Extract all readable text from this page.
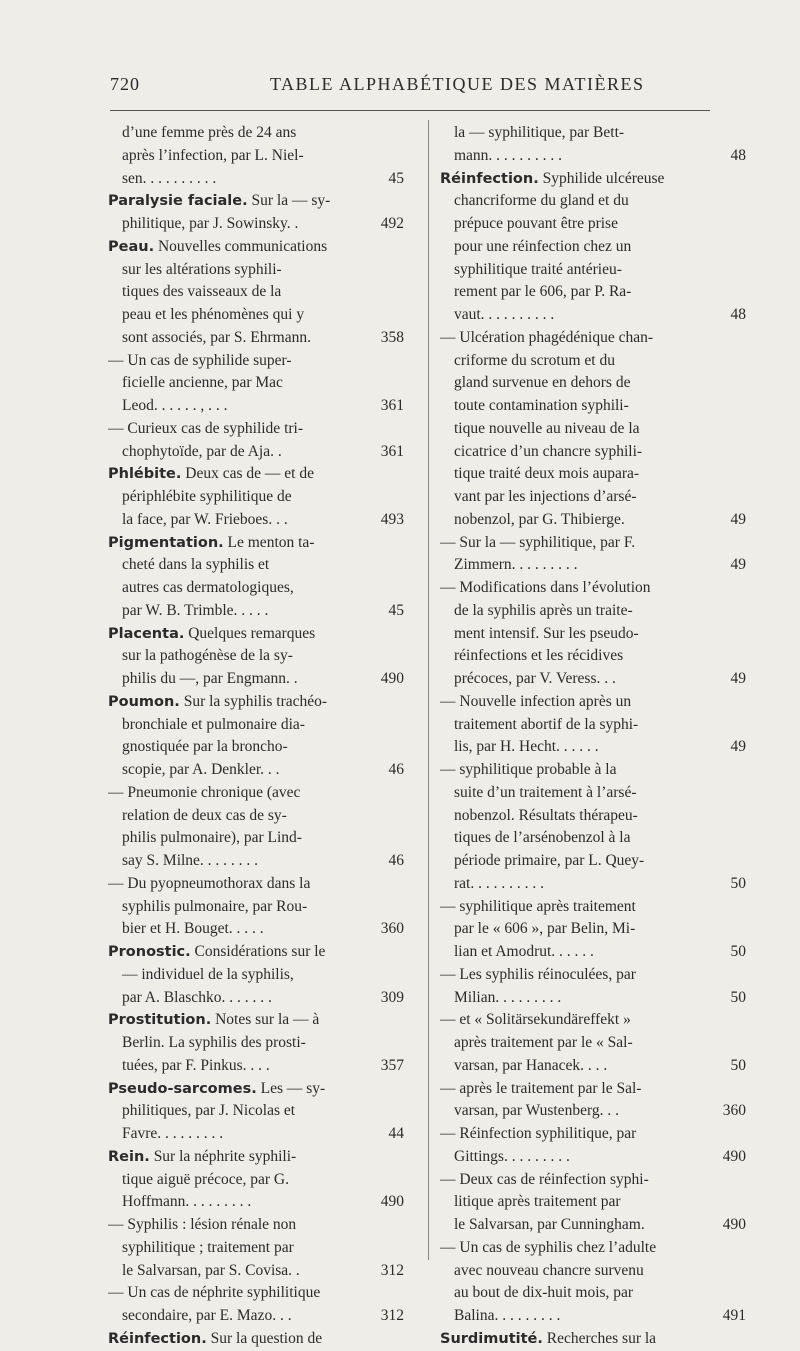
720	TABLE ALPHABÉTIQUE DES MATIÈRES
d’une femme près de 24 ans
après l’infection, par L. Niel-
sen. . . . . . . . . .	45
Paralysie faciale. Sur la — sy-
philitique, par J. Sowinsky. .	492
Peau. Nouvelles communications
sur les altérations syphili-
tiques des vaisseaux de la
peau et les phénomènes qui y
sont associés, par S. Ehrmann.	358
— Un cas de syphilide super-
ficielle ancienne, par Mac
Leod. . . . . . , . . .	361
— Curieux cas de syphilide tri-
chophytoïde, par de Aja. .	361
Phlébite. Deux cas de — et de
périphlébite syphilitique de
la face, par W. Frieboes. . .	493
Pigmentation. Le menton ta-
cheté dans la syphilis et
autres cas dermatologiques,
par W. B. Trimble. . . . .	45
Placenta. Quelques remarques
sur la pathogénèse de la sy-
philis du —, par Engmann. .	490
Poumon. Sur la syphilis trachéo-
bronchiale et pulmonaire dia-
gnostiquée par la broncho-
scopie, par A. Denkler. . .	46
— Pneumonie chronique (avec
relation de deux cas de sy-
philis pulmonaire), par Lind-
say S. Milne. . . . . . . .	46
— Du pyopneumothorax dans la
syphilis pulmonaire, par Rou-
bier et H. Bouget. . . . .	360
Pronostic. Considérations sur le
— individuel de la syphilis,
par A. Blaschko. . . . . . .	309
Prostitution. Notes sur la — à
Berlin. La syphilis des prosti-
tuées, par F. Pinkus. . . .	357
Pseudo-sarcomes. Les — sy-
philitiques, par J. Nicolas et
Favre. . . . . . . . .	44
Rein. Sur la néphrite syphili-
tique aiguë précoce, par G.
Hoffmann. . . . . . . . .	490
— Syphilis : lésion rénale non
syphilitique ; traitement par
le Salvarsan, par S. Covisa. .	312
— Un cas de néphrite syphilitique
secondaire, par E. Mazo. . .	312
Réinfection. Sur la question de
la — syphilitique, par Bett-
mann. . . . . . . . . .	48
Réinfection. Syphilide ulcéreuse
chancriforme du gland et du
prépuce pouvant être prise
pour une réinfection chez un
syphilitique traité antérieu-
rement par le 606, par P. Ra-
vaut. . . . . . . . . .	48
— Ulcération phagédénique chan-
criforme du scrotum et du
gland survenue en dehors de
toute contamination syphili-
tique nouvelle au niveau de la
cicatrice d’un chancre syphili-
tique traité deux mois aupara-
vant par les injections d’arsé-
nobenzol, par G. Thibierge.	49
— Sur la — syphilitique, par F.
Zimmern. . . . . . . . .	49
— Modifications dans l’évolution
de la syphilis après un traite-
ment intensif. Sur les pseudo-
réinfections et les récidives
précoces, par V. Veress. . .	49
— Nouvelle infection après un
traitement abortif de la syphi-
lis, par H. Hecht. . . . . .	49
— syphilitique probable à la
suite d’un traitement à l’arsé-
nobenzol. Résultats thérapeu-
tiques de l’arsénobenzol à la
période primaire, par L. Quey-
rat. . . . . . . . . .	50
— syphilitique après traitement
par le « 606 », par Belin, Mi-
lian et Amodrut. . . . . .	50
— Les syphilis réinoculées, par
Milian. . . . . . . . .	50
— et « Solitärsekundäreffekt »
après traitement par le « Sal-
varsan, par Hanacek. . . .	50
— après le traitement par le Sal-
varsan, par Wustenberg. . .	360
— Réinfection syphilitique, par
Gittings. . . . . . . . .	490
— Deux cas de réinfection syphi-
litique après traitement par
le Salvarsan, par Cunningham.	490
— Un cas de syphilis chez l’adulte
avec nouveau chancre survenu
au bout de dix-huit mois, par
Balina. . . . . . . . .	491
Surdimutité. Recherches sur la
